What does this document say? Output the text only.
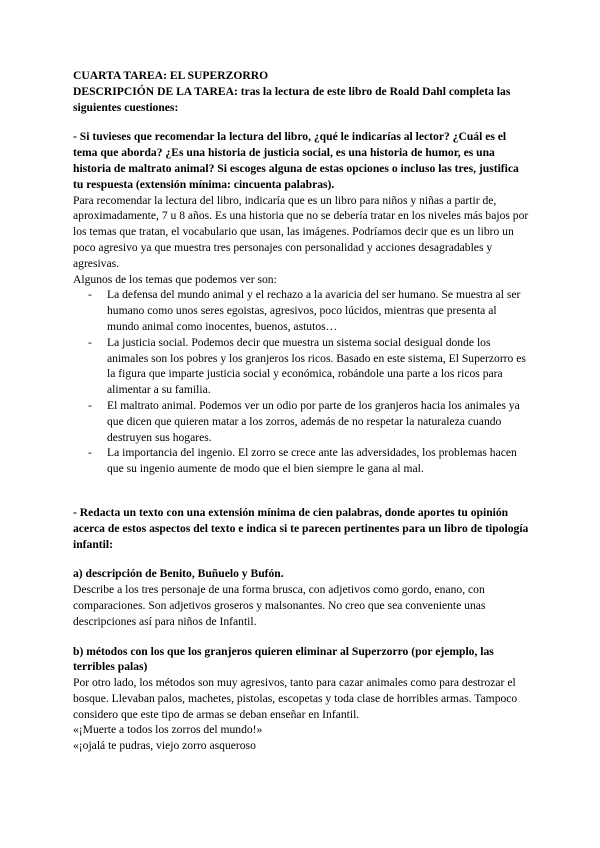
CUARTA TAREA: EL SUPERZORRO

DESCRIPCIÓN DE LA TAREA: tras la lectura de este libro de Roald Dahl completa las siguientes cuestiones:

- Si tuvieses que recomendar la lectura del libro, ¿qué le indicarías al lector? ¿Cuál es el tema que aborda? ¿Es una historia de justicia social, es una historia de humor, es una historia de maltrato animal? Si escoges alguna de estas opciones o incluso las tres, justifica tu respuesta (extensión mínima: cincuenta palabras).

Para recomendar la lectura del libro, indicaría que es un libro para niños y niñas a partir de, aproximadamente, 7 u 8 años. Es una historia que no se debería tratar en los niveles más bajos por los temas que tratan, el vocabulario que usan, las imágenes. Podríamos decir que es un libro un poco agresivo ya que muestra tres personajes con personalidad y acciones desagradables y agresivas.

Algunos de los temas que podemos ver son:

- La defensa del mundo animal y el rechazo a la avaricia del ser humano. Se muestra al ser humano como unos seres egoistas, agresivos, poco lúcidos, mientras que presenta al mundo animal como inocentes, buenos, astutos…
- La justicia social. Podemos decir que muestra un sistema social desigual donde los animales son los pobres y los granjeros los ricos. Basado en este sistema, El Superzorro es la figura que imparte justicia social y económica, robándole una parte a los ricos para alimentar a su familia.
- El maltrato animal. Podemos ver un odio por parte de los granjeros hacia los animales ya que dicen que quieren matar a los zorros, además de no respetar la naturaleza cuando destruyen sus hogares.
- La importancia del ingenio. El zorro se crece ante las adversidades, los problemas hacen que su ingenio aumente de modo que el bien siempre le gana al mal.

- Redacta un texto con una extensión mínima de cien palabras, donde aportes tu opinión acerca de estos aspectos del texto e indica si te parecen pertinentes para un libro de tipología infantil:

a) descripción de Benito, Buñuelo y Bufón.

Describe a los tres personaje de una forma brusca, con adjetivos como gordo, enano, con comparaciones. Son adjetivos groseros y malsonantes. No creo que sea conveniente unas descripciones así para niños de Infantil.

b) métodos con los que los granjeros quieren eliminar al Superzorro (por ejemplo, las terribles palas)

Por otro lado, los métodos son muy agresivos, tanto para cazar animales como para destrozar el bosque. Llevaban palos, machetes, pistolas, escopetas y toda clase de horribles armas. Tampoco considero que este tipo de armas se deban enseñar en Infantil.

«¡Muerte a todos los zorros del mundo!»

«¡ojalá te pudras, viejo zorro asqueroso
